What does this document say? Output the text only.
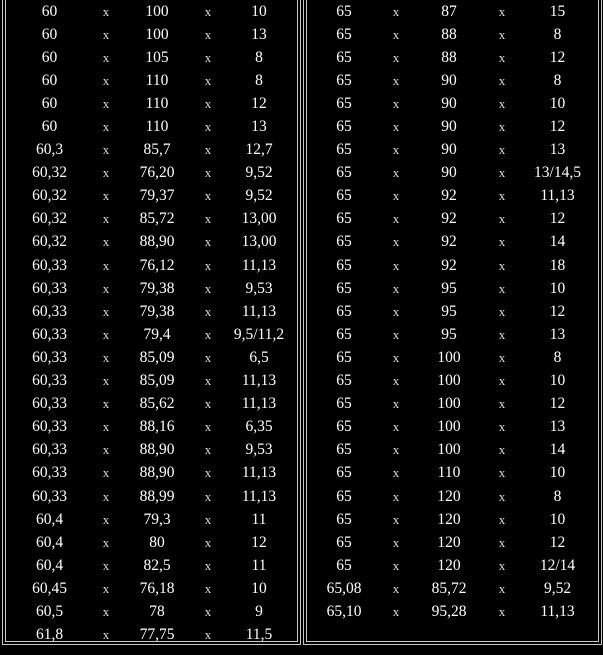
60	x	100	x	10
60	x	100	x	13
60	x	105	x	8
60	x	110	x	8
60	x	110	x	12
60	x	110	x	13
60,3	x	85,7	x	12,7
60,32	x	76,20	x	9,52
60,32	x	79,37	x	9,52
60,32	x	85,72	x	13,00
60,32	x	88,90	x	13,00
60,33	x	76,12	x	11,13
60,33	x	79,38	x	9,53
60,33	x	79,38	x	11,13
60,33	x	79,4	x	9,5/11,2
60,33	x	85,09	x	6,5
60,33	x	85,09	x	11,13
60,33	x	85,62	x	11,13
60,33	x	88,16	x	6,35
60,33	x	88,90	x	9,53
60,33	x	88,90	x	11,13
60,33	x	88,99	x	11,13
60,4	x	79,3	x	11
60,4	x	80	x	12
60,4	x	82,5	x	11
60,45	x	76,18	x	10
60,5	x	78	x	9
61,8	x	77,75	x	11,5
65	x	87	x	15
65	x	88	x	8
65	x	88	x	12
65	x	90	x	8
65	x	90	x	10
65	x	90	x	12
65	x	90	x	13
65	x	90	x	13/14,5
65	x	92	x	11,13
65	x	92	x	12
65	x	92	x	14
65	x	92	x	18
65	x	95	x	10
65	x	95	x	12
65	x	95	x	13
65	x	100	x	8
65	x	100	x	10
65	x	100	x	12
65	x	100	x	13
65	x	100	x	14
65	x	110	x	10
65	x	120	x	8
65	x	120	x	10
65	x	120	x	12
65	x	120	x	12/14
65,08	x	85,72	x	9,52
65,10	x	95,28	x	11,13
